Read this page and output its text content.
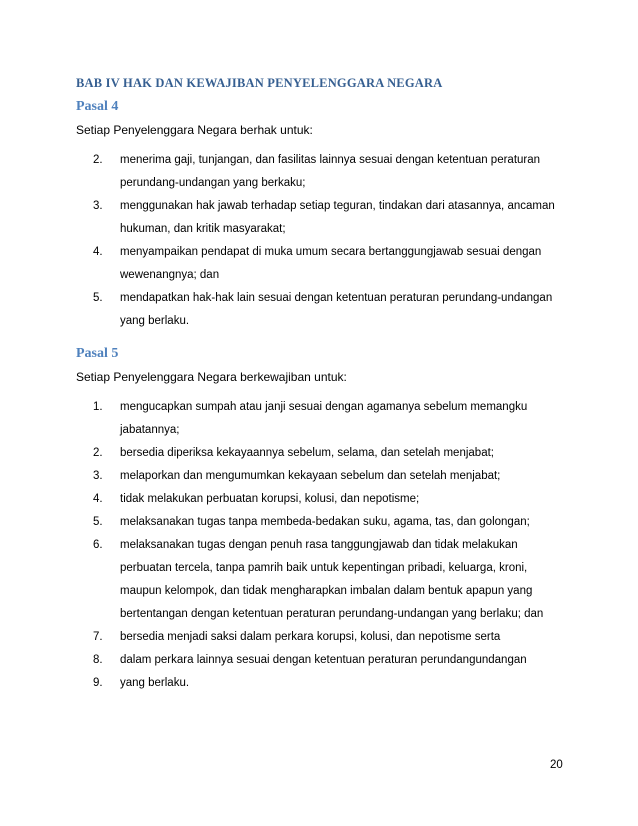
BAB IV HAK DAN KEWAJIBAN PENYELENGGARA NEGARA
Pasal 4

Setiap Penyelenggara Negara berhak untuk:

2.	menerima gaji, tunjangan, dan fasilitas lainnya sesuai dengan ketentuan peraturan
perundang-undangan yang berkaku;
3.	menggunakan hak jawab terhadap setiap teguran, tindakan dari atasannya, ancaman
hukuman, dan kritik masyarakat;
4.	menyampaikan pendapat di muka umum secara bertanggungjawab sesuai dengan
wewenangnya; dan
5.	mendapatkan hak-hak lain sesuai dengan ketentuan peraturan perundang-undangan
yang berlaku.
Pasal 5

Setiap Penyelenggara Negara berkewajiban untuk:

1.	mengucapkan sumpah atau janji sesuai dengan agamanya sebelum memangku
jabatannya;
2.	bersedia diperiksa kekayaannya sebelum, selama, dan setelah menjabat;
3.	melaporkan dan mengumumkan kekayaan sebelum dan setelah menjabat;
4.	tidak melakukan perbuatan korupsi, kolusi, dan nepotisme;
5.	melaksanakan tugas tanpa membeda-bedakan suku, agama, tas, dan golongan;
6.	melaksanakan tugas dengan penuh rasa tanggungjawab dan tidak melakukan
perbuatan tercela, tanpa pamrih baik untuk kepentingan pribadi, keluarga, kroni,
maupun kelompok, dan tidak mengharapkan imbalan dalam bentuk apapun yang
bertentangan dengan ketentuan peraturan perundang-undangan yang berlaku; dan
7.	bersedia menjadi saksi dalam perkara korupsi, kolusi, dan nepotisme serta
8.	dalam perkara lainnya sesuai dengan ketentuan peraturan perundangundangan
9.	yang berlaku.
20
